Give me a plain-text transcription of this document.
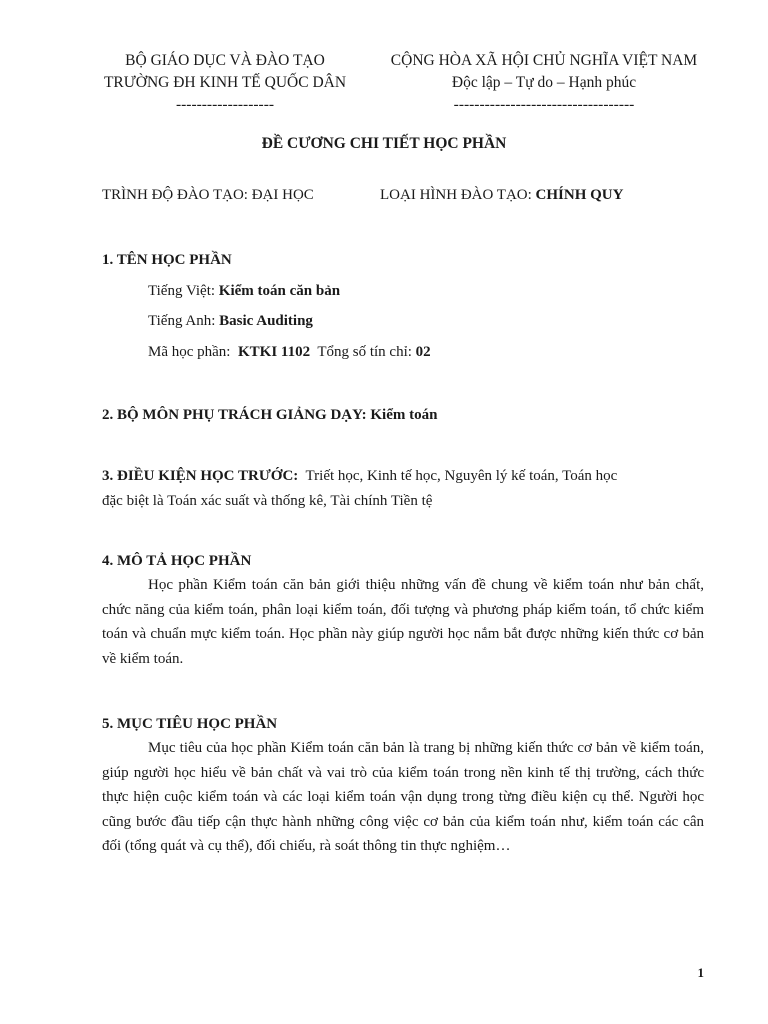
BỘ GIÁO DỤC VÀ ĐÀO TẠO
TRƯỜNG ĐH KINH TẾ QUỐC DÂN
-------------------
CỘNG HÒA XÃ HỘI CHỦ NGHĨA VIỆT NAM
Độc lập – Tự do – Hạnh phúc
-----------------------------------
ĐỀ CƯƠNG CHI TIẾT HỌC PHẦN
TRÌNH ĐỘ ĐÀO TẠO: ĐẠI HỌC	LOẠI HÌNH ĐÀO TẠO: CHÍNH QUY
1. TÊN HỌC PHẦN
Tiếng Việt: Kiểm toán căn bản
Tiếng Anh: Basic Auditing
Mã học phần: KTKI 1102 Tổng số tín chỉ: 02
2. BỘ MÔN PHỤ TRÁCH GIẢNG DẠY: Kiểm toán
3. ĐIỀU KIỆN HỌC TRƯỚC: Triết học, Kinh tế học, Nguyên lý kế toán, Toán học
đặc biệt là Toán xác suất và thống kê, Tài chính Tiền tệ
4. MÔ TẢ HỌC PHẦN
Học phần Kiểm toán căn bản giới thiệu những vấn đề chung về kiểm toán như bản chất, chức năng của kiểm toán, phân loại kiểm toán, đối tượng và phương pháp kiểm toán, tổ chức kiểm toán và chuẩn mực kiểm toán. Học phần này giúp người học nắm bắt được những kiến thức cơ bản về kiểm toán.
5. MỤC TIÊU HỌC PHẦN
Mục tiêu của học phần Kiểm toán căn bản là trang bị những kiến thức cơ bản về kiểm toán, giúp người học hiểu về bản chất và vai trò của kiểm toán trong nền kinh tế thị trường, cách thức thực hiện cuộc kiểm toán và các loại kiểm toán vận dụng trong từng điều kiện cụ thể. Người học cũng bước đầu tiếp cận thực hành những công việc cơ bản của kiểm toán như, kiểm toán các cân đối (tổng quát và cụ thể), đối chiếu, rà soát thông tin thực nghiệm…
1
